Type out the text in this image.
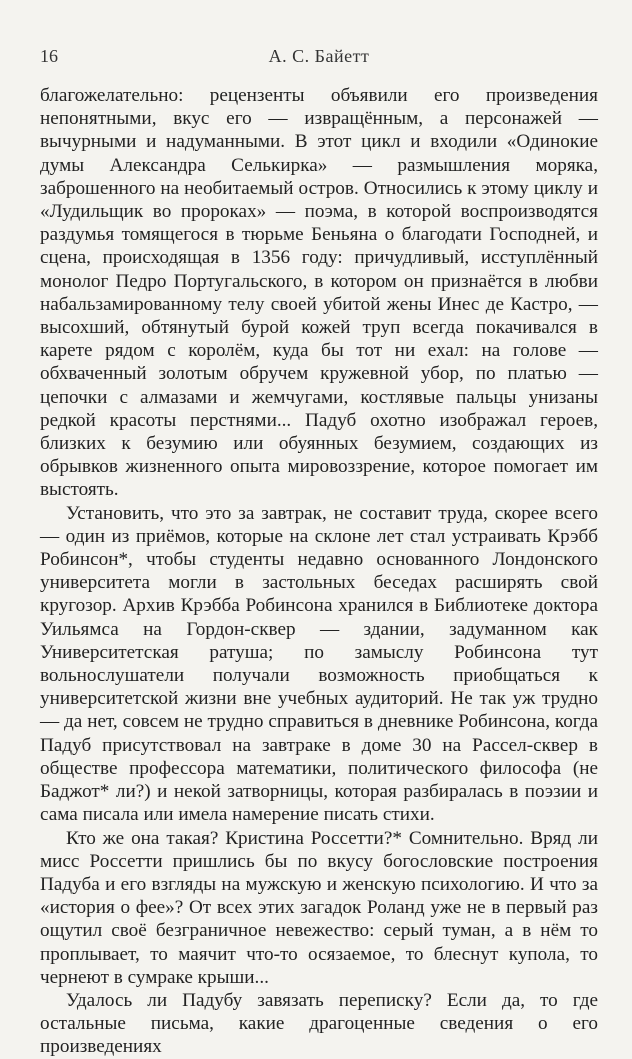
16	А. С. Байетт

благожелательно: рецензенты объявили его произведения непонятными, вкус его — извращённым, а персонажей — вычурными и надуманными. В этот цикл и входили «Одинокие думы Александра Селькирка» — размышления моряка, заброшенного на необитаемый остров. Относились к этому циклу и «Лудильщик во пророках» — поэма, в которой воспроизводятся раздумья томящегося в тюрьме Беньяна о благодати Господней, и сцена, происходящая в 1356 году: причудливый, исступлённый монолог Педро Португальского, в котором он признаётся в любви набальзамированному телу своей убитой жены Инес де Кастро, — высохший, обтянутый бурой кожей труп всегда покачивался в карете рядом с королём, куда бы тот ни ехал: на голове — обхваченный золотым обручем кружевной убор, по платью — цепочки с алмазами и жемчугами, костлявые пальцы унизаны редкой красоты перстнями... Падуб охотно изображал героев, близких к безумию или обуянных безумием, создающих из обрывков жизненного опыта мировоззрение, которое помогает им выстоять.

Установить, что это за завтрак, не составит труда, скорее всего — один из приёмов, которые на склоне лет стал устраивать Крэбб Робинсон*, чтобы студенты недавно основанного Лондонского университета могли в застольных беседах расширять свой кругозор. Архив Крэбба Робинсона хранился в Библиотеке доктора Уильямса на Гордон-сквер — здании, задуманном как Университетская ратуша; по замыслу Робинсона тут вольнослушатели получали возможность приобщаться к университетской жизни вне учебных аудиторий. Не так уж трудно — да нет, совсем не трудно справиться в дневнике Робинсона, когда Падуб присутствовал на завтраке в доме 30 на Рассел-сквер в обществе профессора математики, политического философа (не Баджот* ли?) и некой затворницы, которая разбиралась в поэзии и сама писала или имела намерение писать стихи.

Кто же она такая? Кристина Россетти?* Сомнительно. Вряд ли мисс Россетти пришлись бы по вкусу богословские построения Падуба и его взгляды на мужскую и женскую психологию. И что за «история о фее»? От всех этих загадок Роланд уже не в первый раз ощутил своё безграничное невежество: серый туман, а в нём то проплывает, то маячит что-то осязаемое, то блеснут купола, то чернеют в сумраке крыши...

Удалось ли Падубу завязать переписку? Если да, то где остальные письма, какие драгоценные сведения о его произведениях
